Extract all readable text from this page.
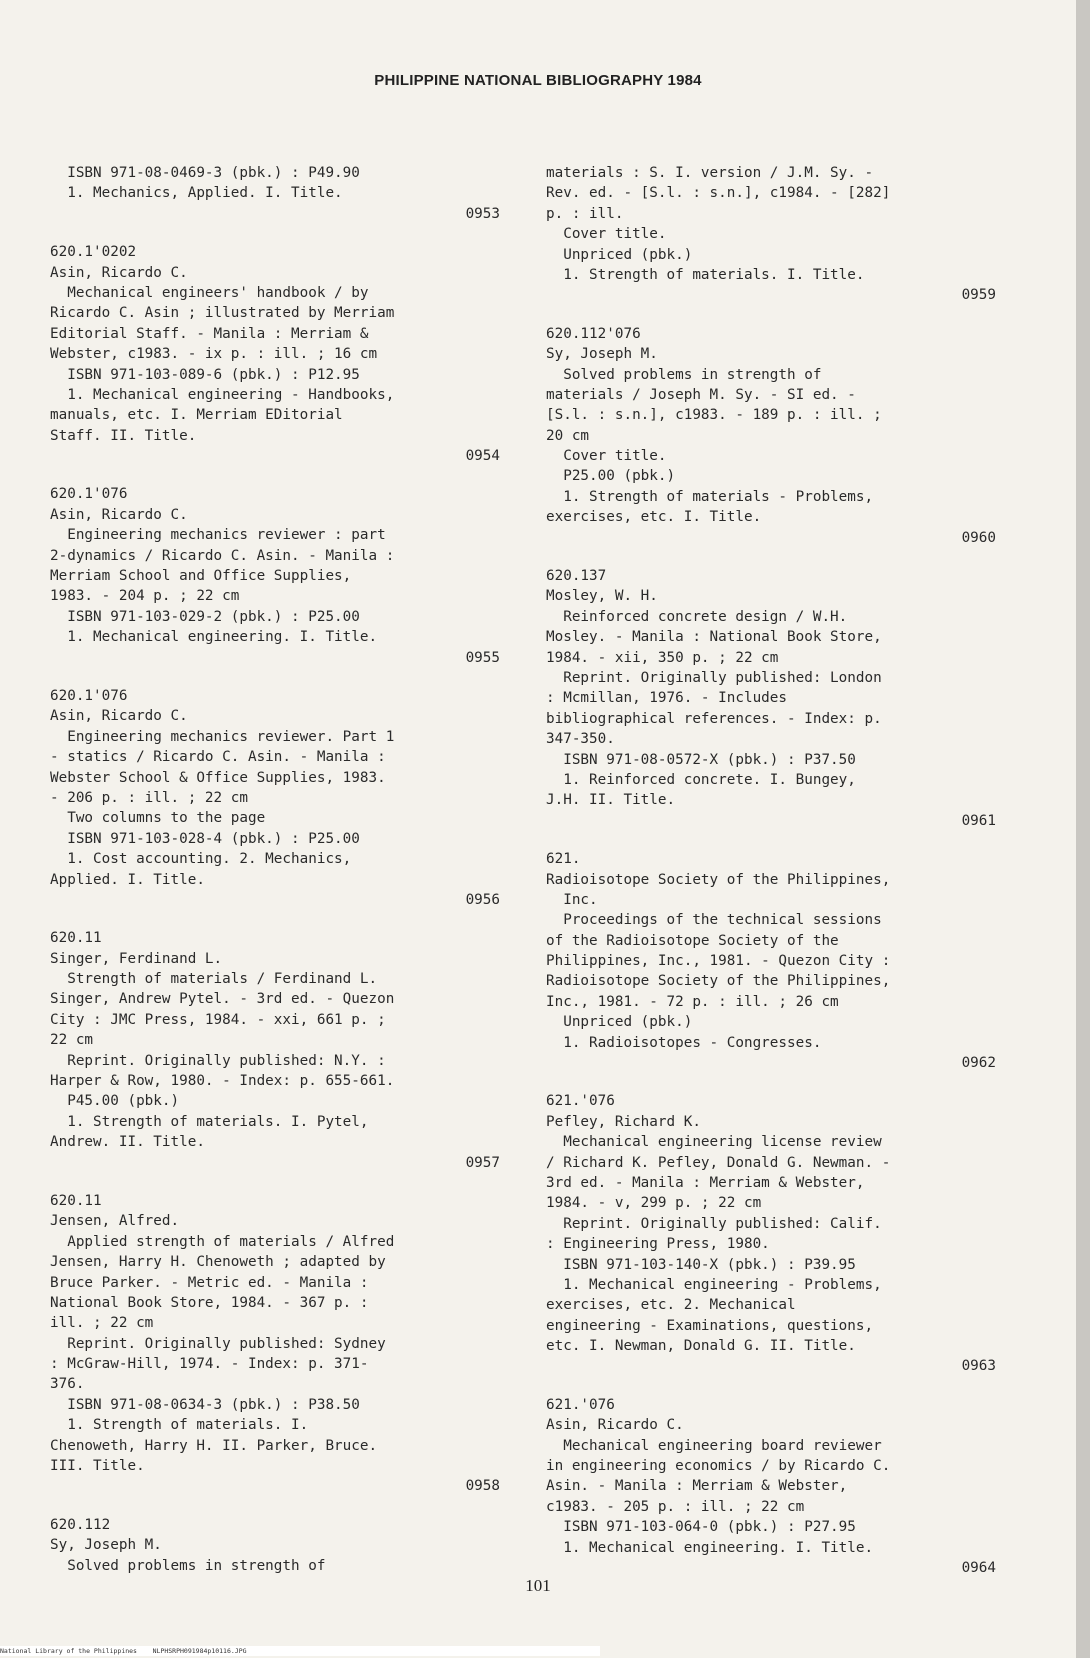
PHILIPPINE NATIONAL BIBLIOGRAPHY 1984
ISBN 971-08-0469-3 (pbk.) : P49.90
1. Mechanics, Applied. I. Title.
0953
620.1'0202
Asin, Ricardo C.
Mechanical engineers' handbook / by
Ricardo C. Asin ; illustrated by Merriam
Editorial Staff. - Manila : Merriam &
Webster, c1983. - ix p. : ill. ; 16 cm
ISBN 971-103-089-6 (pbk.) : P12.95
1. Mechanical engineering - Handbooks,
manuals, etc. I. Merriam EDitorial
Staff. II. Title.
0954
620.1'076
Asin, Ricardo C.
Engineering mechanics reviewer : part
2-dynamics / Ricardo C. Asin. - Manila :
Merriam School and Office Supplies,
1983. - 204 p. ; 22 cm
ISBN 971-103-029-2 (pbk.) : P25.00
1. Mechanical engineering. I. Title.
0955
620.1'076
Asin, Ricardo C.
Engineering mechanics reviewer. Part 1
- statics / Ricardo C. Asin. - Manila :
Webster School & Office Supplies, 1983.
- 206 p. : ill. ; 22 cm
Two columns to the page
ISBN 971-103-028-4 (pbk.) : P25.00
1. Cost accounting. 2. Mechanics,
Applied. I. Title.
0956
620.11
Singer, Ferdinand L.
Strength of materials / Ferdinand L.
Singer, Andrew Pytel. - 3rd ed. - Quezon
City : JMC Press, 1984. - xxi, 661 p. ;
22 cm
Reprint. Originally published: N.Y. :
Harper & Row, 1980. - Index: p. 655-661.
P45.00 (pbk.)
1. Strength of materials. I. Pytel,
Andrew. II. Title.
0957
620.11
Jensen, Alfred.
Applied strength of materials / Alfred
Jensen, Harry H. Chenoweth ; adapted by
Bruce Parker. - Metric ed. - Manila :
National Book Store, 1984. - 367 p. :
ill. ; 22 cm
Reprint. Originally published: Sydney
: McGraw-Hill, 1974. - Index: p. 371-
376.
ISBN 971-08-0634-3 (pbk.) : P38.50
1. Strength of materials. I.
Chenoweth, Harry H. II. Parker, Bruce.
III. Title.
0958
620.112
Sy, Joseph M.
Solved problems in strength of
materials : S. I. version / J.M. Sy. -
Rev. ed. - [S.l. : s.n.], c1984. - [282]
p. : ill.
Cover title.
Unpriced (pbk.)
1. Strength of materials. I. Title.
0959
620.112'076
Sy, Joseph M.
Solved problems in strength of
materials / Joseph M. Sy. - SI ed. -
[S.l. : s.n.], c1983. - 189 p. : ill. ;
20 cm
Cover title.
P25.00 (pbk.)
1. Strength of materials - Problems,
exercises, etc. I. Title.
0960
620.137
Mosley, W. H.
Reinforced concrete design / W.H.
Mosley. - Manila : National Book Store,
1984. - xii, 350 p. ; 22 cm
Reprint. Originally published: London
: Mcmillan, 1976. - Includes
bibliographical references. - Index: p.
347-350.
ISBN 971-08-0572-X (pbk.) : P37.50
1. Reinforced concrete. I. Bungey,
J.H. II. Title.
0961
621.
Radioisotope Society of the Philippines,
Inc.
Proceedings of the technical sessions
of the Radioisotope Society of the
Philippines, Inc., 1981. - Quezon City :
Radioisotope Society of the Philippines,
Inc., 1981. - 72 p. : ill. ; 26 cm
Unpriced (pbk.)
1. Radioisotopes - Congresses.
0962
621.'076
Pefley, Richard K.
Mechanical engineering license review
/ Richard K. Pefley, Donald G. Newman. -
3rd ed. - Manila : Merriam & Webster,
1984. - v, 299 p. ; 22 cm
Reprint. Originally published: Calif.
: Engineering Press, 1980.
ISBN 971-103-140-X (pbk.) : P39.95
1. Mechanical engineering - Problems,
exercises, etc. 2. Mechanical
engineering - Examinations, questions,
etc. I. Newman, Donald G. II. Title.
0963
621.'076
Asin, Ricardo C.
Mechanical engineering board reviewer
in engineering economics / by Ricardo C.
Asin. - Manila : Merriam & Webster,
c1983. - 205 p. : ill. ; 22 cm
ISBN 971-103-064-0 (pbk.) : P27.95
1. Mechanical engineering. I. Title.
0964
101
National Library of the Philippines    NLPHSRPH091984p10116.JPG
